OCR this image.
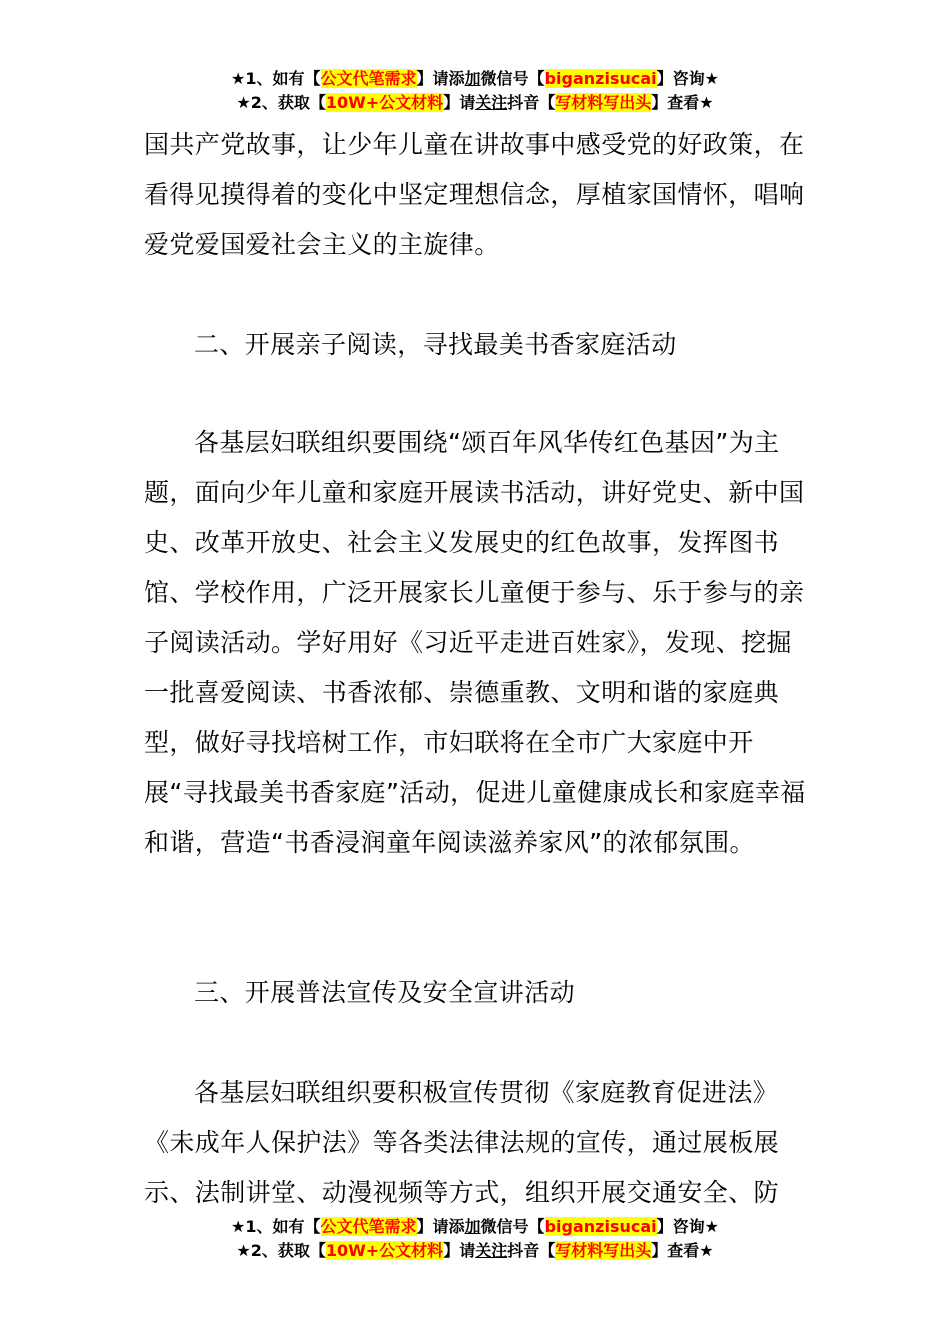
★1、如有【公文代笔需求】请添加微信号【biganzisucai】咨询★
★2、获取【10W+公文材料】请关注抖音【写材料写出头】查看★

国共产党故事，让少年儿童在讲故事中感受党的好政策，在看得见摸得着的变化中坚定理想信念，厚植家国情怀，唱响爱党爱国爱社会主义的主旋律。

二、开展亲子阅读，寻找最美书香家庭活动

各基层妇联组织要围绕“颂百年风华传红色基因”为主题，面向少年儿童和家庭开展读书活动，讲好党史、新中国史、改革开放史、社会主义发展史的红色故事，发挥图书馆、学校作用，广泛开展家长儿童便于参与、乐于参与的亲子阅读活动。学好用好《习近平走进百姓家》，发现、挖掘一批喜爱阅读、书香浓郁、崇德重教、文明和谐的家庭典型，做好寻找培树工作，市妇联将在全市广大家庭中开展“寻找最美书香家庭”活动，促进儿童健康成长和家庭幸福和谐，营造“书香浸润童年阅读滋养家风”的浓郁氛围。

三、开展普法宣传及安全宣讲活动

各基层妇联组织要积极宣传贯彻《家庭教育促进法》《未成年人保护法》等各类法律法规的宣传，通过展板展示、法制讲堂、动漫视频等方式，组织开展交通安全、防

★1、如有【公文代笔需求】请添加微信号【biganzisucai】咨询★
★2、获取【10W+公文材料】请关注抖音【写材料写出头】查看★
